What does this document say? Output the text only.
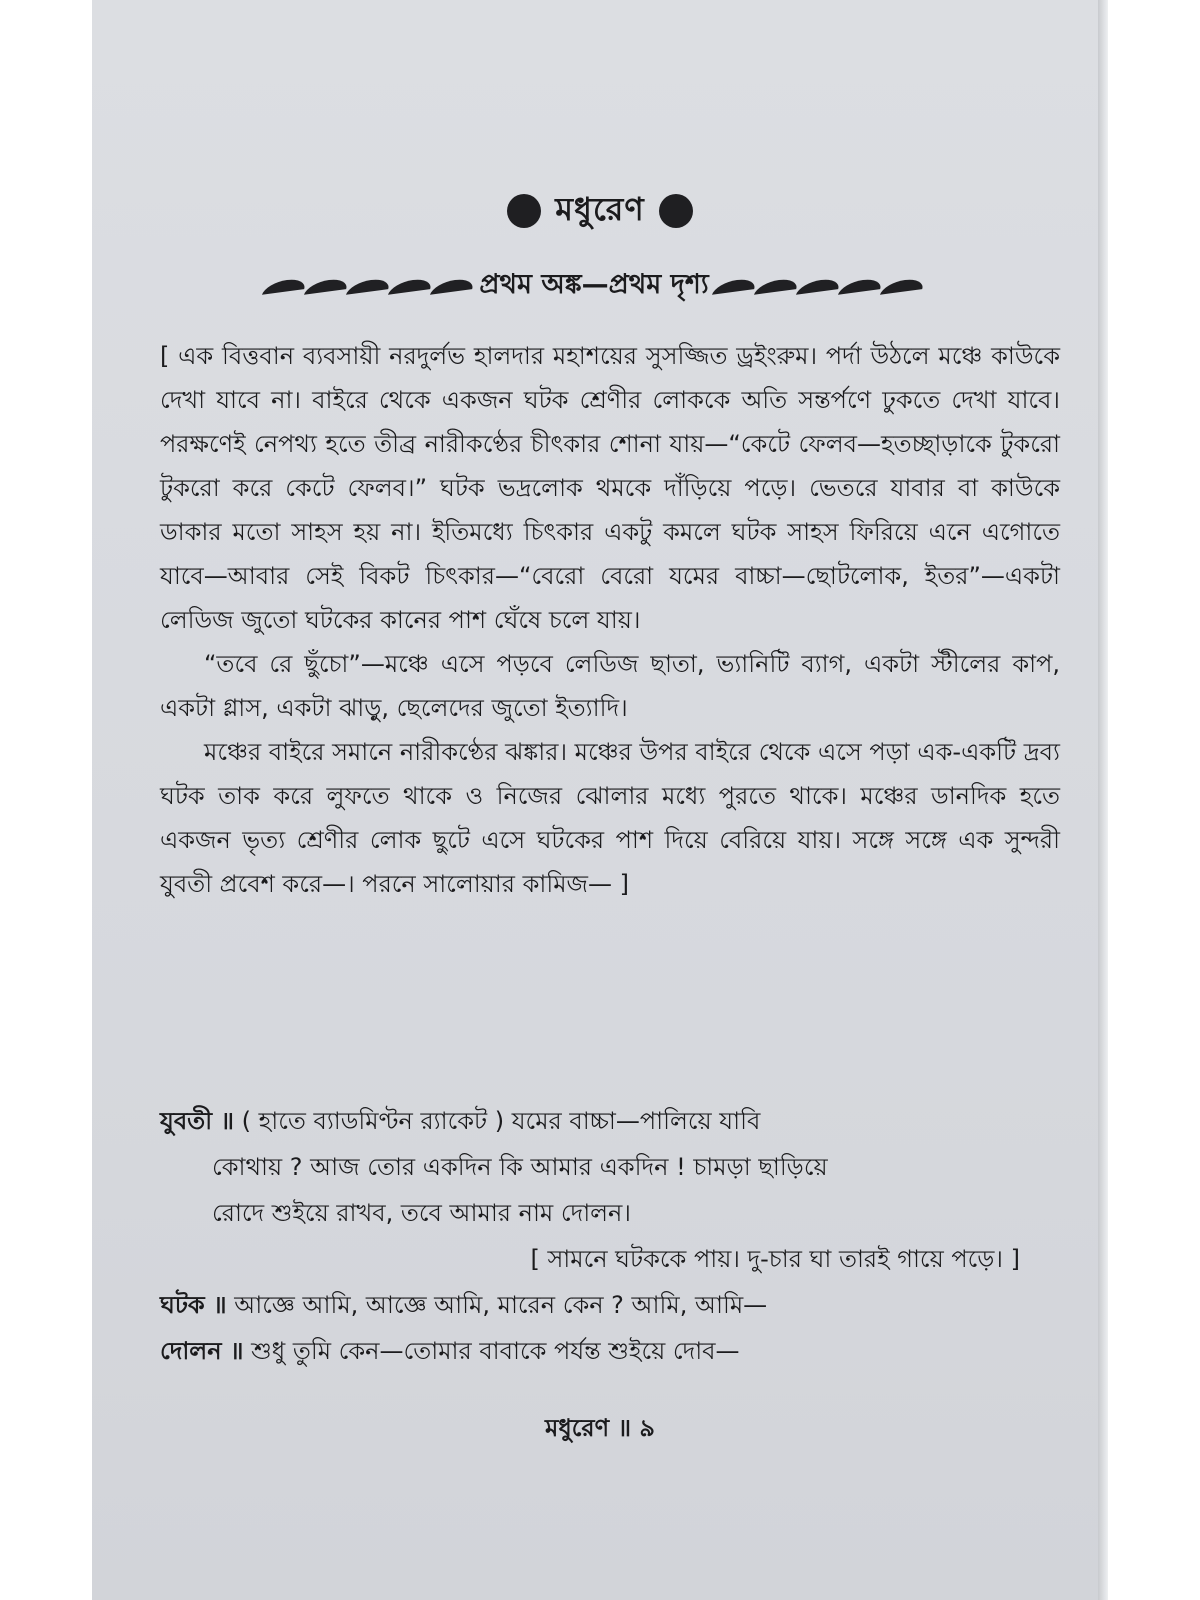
মধুরেণ
প্রথম অঙ্ক—প্রথম দৃশ্য

[ এক বিত্তবান ব্যবসায়ী নরদুর্লভ হালদার মহাশয়ের সুসজ্জিত ড্রইংরুম। পর্দা উঠলে মঞ্চে কাউকে দেখা যাবে না। বাইরে থেকে একজন ঘটক শ্রেণীর লোককে অতি সন্তর্পণে ঢুকতে দেখা যাবে। পরক্ষণেই নেপথ্য হতে তীব্র নারীকণ্ঠের চীৎকার শোনা যায়—“কেটে ফেলব—হতচ্ছাড়াকে টুকরো টুকরো করে কেটে ফেলব।” ঘটক ভদ্রলোক থমকে দাঁড়িয়ে পড়ে। ভেতরে যাবার বা কাউকে ডাকার মতো সাহস হয় না। ইতিমধ্যে চিৎকার একটু কমলে ঘটক সাহস ফিরিয়ে এনে এগোতে যাবে—আবার সেই বিকট চিৎকার—“বেরো বেরো যমের বাচ্চা—ছোটলোক, ইতর”—একটা লেডিজ জুতো ঘটকের কানের পাশ ঘেঁষে চলে যায়।

“তবে রে ছুঁচো”—মঞ্চে এসে পড়বে লেডিজ ছাতা, ভ্যানিটি ব্যাগ, একটা স্টীলের কাপ, একটা গ্লাস, একটা ঝাড়ু, ছেলেদের জুতো ইত্যাদি।

মঞ্চের বাইরে সমানে নারীকণ্ঠের ঝঙ্কার। মঞ্চের উপর বাইরে থেকে এসে পড়া এক-একটি দ্রব্য ঘটক তাক করে লুফতে থাকে ও নিজের ঝোলার মধ্যে পুরতে থাকে। মঞ্চের ডানদিক হতে একজন ভৃত্য শ্রেণীর লোক ছুটে এসে ঘটকের পাশ দিয়ে বেরিয়ে যায়। সঙ্গে সঙ্গে এক সুন্দরী যুবতী প্রবেশ করে—। পরনে সালোয়ার কামিজ— ]

যুবতী ॥ ( হাতে ব্যাডমিণ্টন র‍্যাকেট ) যমের বাচ্চা—পালিয়ে যাবি
কোথায় ? আজ তোর একদিন কি আমার একদিন ! চামড়া ছাড়িয়ে
রোদে শুইয়ে রাখব, তবে আমার নাম দোলন।
[ সামনে ঘটককে পায়। দু-চার ঘা তারই গায়ে পড়ে। ]
ঘটক ॥ আজ্ঞে আমি, আজ্ঞে আমি, মারেন কেন ? আমি, আমি—
দোলন ॥ শুধু তুমি কেন—তোমার বাবাকে পর্যন্ত শুইয়ে দোব—
মধুরেণ ॥ ৯
